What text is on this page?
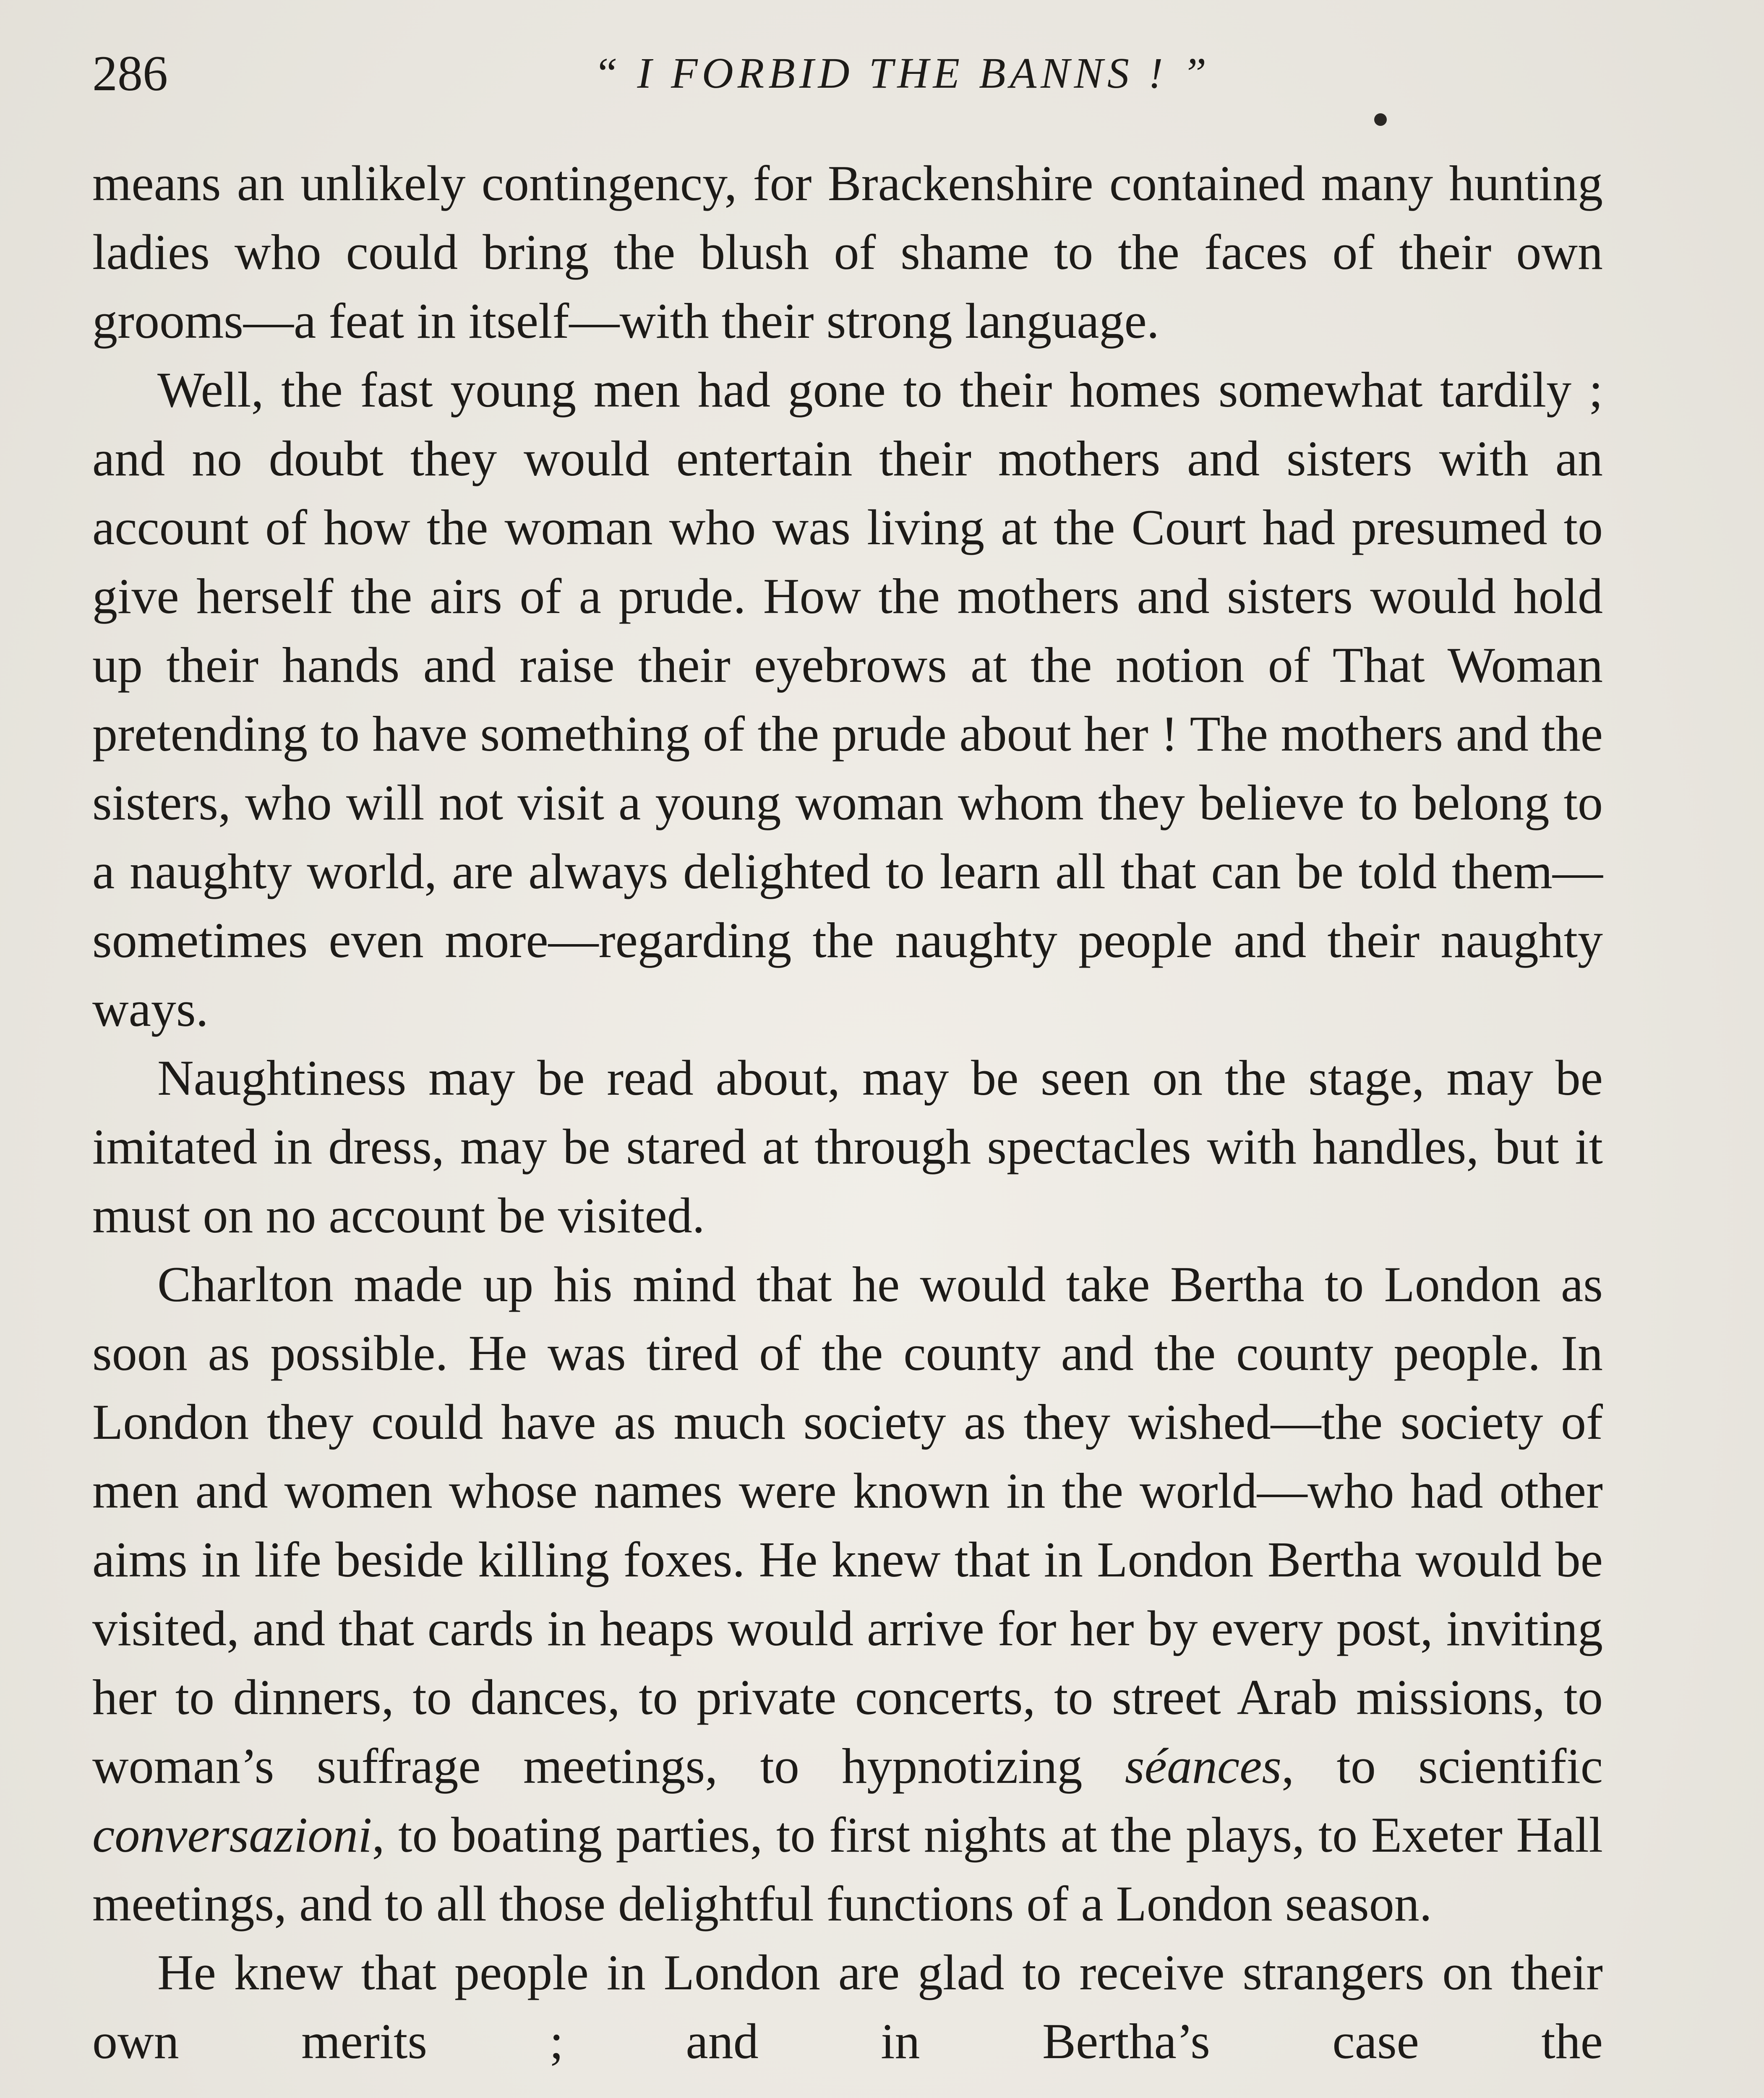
286	“ I FORBID THE BANNS ! ”

means an unlikely contingency, for Brackenshire contained many hunting ladies who could bring the blush of shame to the faces of their own grooms—a feat in itself—with their strong language.

Well, the fast young men had gone to their homes somewhat tardily ; and no doubt they would entertain their mothers and sisters with an account of how the woman who was living at the Court had presumed to give herself the airs of a prude. How the mothers and sisters would hold up their hands and raise their eyebrows at the notion of That Woman pretending to have something of the prude about her ! The mothers and the sisters, who will not visit a young woman whom they believe to belong to a naughty world, are always delighted to learn all that can be told them—sometimes even more—regarding the naughty people and their naughty ways.

Naughtiness may be read about, may be seen on the stage, may be imitated in dress, may be stared at through spectacles with handles, but it must on no account be visited.

Charlton made up his mind that he would take Bertha to London as soon as possible. He was tired of the county and the county people. In London they could have as much society as they wished—the society of men and women whose names were known in the world—who had other aims in life beside killing foxes. He knew that in London Bertha would be visited, and that cards in heaps would arrive for her by every post, inviting her to dinners, to dances, to private concerts, to street Arab missions, to woman’s suffrage meetings, to hypnotizing séances, to scientific conversazioni, to boating parties, to first nights at the plays, to Exeter Hall meetings, and to all those delightful functions of a London season.

He knew that people in London are glad to receive strangers on their own merits ; and in Bertha’s case the
